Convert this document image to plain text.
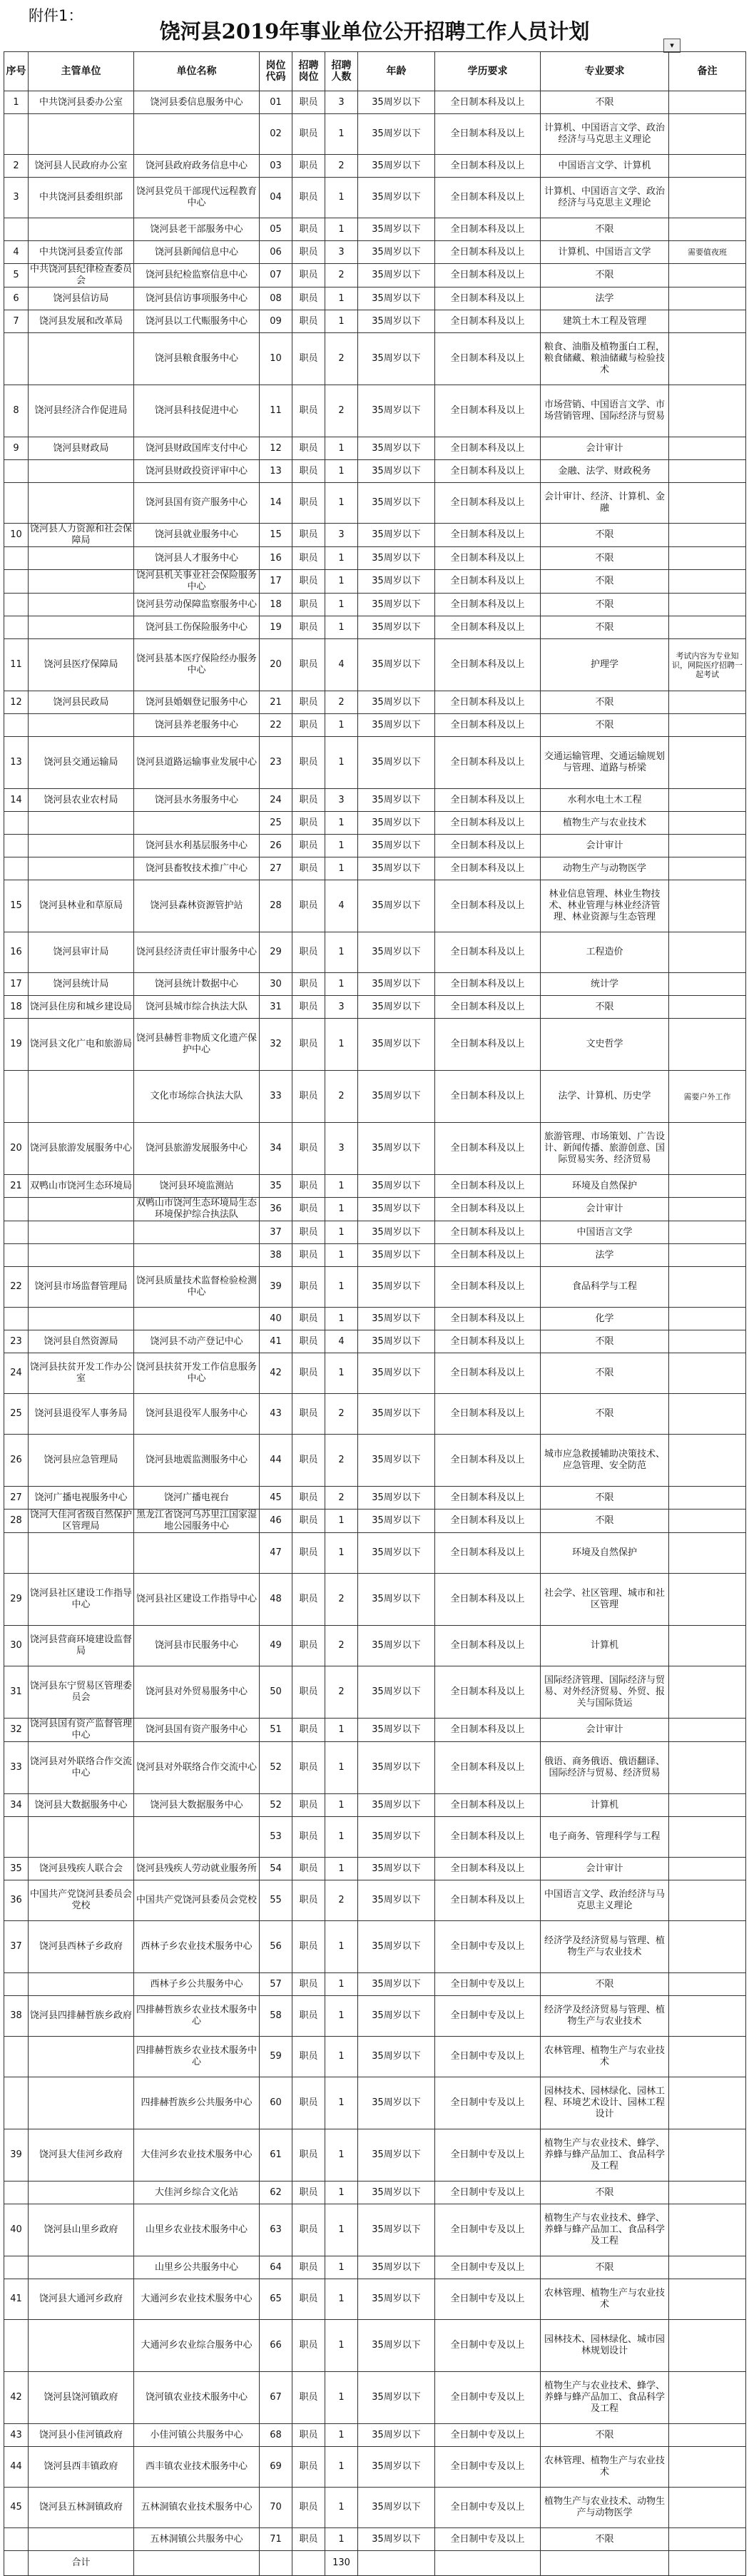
附件1：
饶河县2019年事业单位公开招聘工作人员计划
▾
序号	主管单位	单位名称	岗位代码	招聘岗位	招聘人数	年龄	学历要求	专业要求	备注
1	中共饶河县委办公室	饶河县委信息服务中心	01	职员	3	35周岁以下	全日制本科及以上	不限	
			02	职员	1	35周岁以下	全日制本科及以上	计算机、中国语言文学、政治经济与马克思主义理论	
2	饶河县人民政府办公室	饶河县政府政务信息中心	03	职员	2	35周岁以下	全日制本科及以上	中国语言文学、计算机	
3	中共饶河县委组织部	饶河县党员干部现代远程教育中心	04	职员	1	35周岁以下	全日制本科及以上	计算机、中国语言文学、政治经济与马克思主义理论	
		饶河县老干部服务中心	05	职员	1	35周岁以下	全日制本科及以上	不限	
4	中共饶河县委宣传部	饶河县新闻信息中心	06	职员	3	35周岁以下	全日制本科及以上	计算机、中国语言文学	需要值夜班
5	中共饶河县纪律检查委员会	饶河县纪检监察信息中心	07	职员	2	35周岁以下	全日制本科及以上	不限	
6	饶河县信访局	饶河县信访事项服务中心	08	职员	1	35周岁以下	全日制本科及以上	法学	
7	饶河县发展和改革局	饶河县以工代赈服务中心	09	职员	1	35周岁以下	全日制本科及以上	建筑土木工程及管理	
		饶河县粮食服务中心	10	职员	2	35周岁以下	全日制本科及以上	粮食、油脂及植物蛋白工程，粮食储藏、粮油储藏与检验技术	
8	饶河县经济合作促进局	饶河县科技促进中心	11	职员	2	35周岁以下	全日制本科及以上	市场营销、中国语言文学、市场营销管理、国际经济与贸易	
9	饶河县财政局	饶河县财政国库支付中心	12	职员	1	35周岁以下	全日制本科及以上	会计审计	
		饶河县财政投资评审中心	13	职员	1	35周岁以下	全日制本科及以上	金融、法学、财政税务	
		饶河县国有资产服务中心	14	职员	1	35周岁以下	全日制本科及以上	会计审计、经济、计算机、金融	
10	饶河县人力资源和社会保障局	饶河县就业服务中心	15	职员	3	35周岁以下	全日制本科及以上	不限	
		饶河县人才服务中心	16	职员	1	35周岁以下	全日制本科及以上	不限	
		饶河县机关事业社会保险服务中心	17	职员	1	35周岁以下	全日制本科及以上	不限	
		饶河县劳动保障监察服务中心	18	职员	1	35周岁以下	全日制本科及以上	不限	
		饶河县工伤保险服务中心	19	职员	1	35周岁以下	全日制本科及以上	不限	
11	饶河县医疗保障局	饶河县基本医疗保险经办服务中心	20	职员	4	35周岁以下	全日制本科及以上	护理学	考试内容为专业知识，网院医疗招聘一起考试
12	饶河县民政局	饶河县婚姻登记服务中心	21	职员	2	35周岁以下	全日制本科及以上	不限	
		饶河县养老服务中心	22	职员	1	35周岁以下	全日制本科及以上	不限	
13	饶河县交通运输局	饶河县道路运输事业发展中心	23	职员	1	35周岁以下	全日制本科及以上	交通运输管理、交通运输规划与管理、道路与桥梁	
14	饶河县农业农村局	饶河县水务服务中心	24	职员	3	35周岁以下	全日制本科及以上	水利水电土木工程	
			25	职员	1	35周岁以下	全日制本科及以上	植物生产与农业技术	
		饶河县水利基层服务中心	26	职员	1	35周岁以下	全日制本科及以上	会计审计	
		饶河县畜牧技术推广中心	27	职员	1	35周岁以下	全日制本科及以上	动物生产与动物医学	
15	饶河县林业和草原局	饶河县森林资源管护站	28	职员	4	35周岁以下	全日制本科及以上	林业信息管理、林业生物技术、林业管理与林业经济管理、林业资源与生态管理	
16	饶河县审计局	饶河县经济责任审计服务中心	29	职员	1	35周岁以下	全日制本科及以上	工程造价	
17	饶河县统计局	饶河县统计数据中心	30	职员	1	35周岁以下	全日制本科及以上	统计学	
18	饶河县住房和城乡建设局	饶河县城市综合执法大队	31	职员	3	35周岁以下	全日制本科及以上	不限	
19	饶河县文化广电和旅游局	饶河县赫哲非物质文化遗产保护中心	32	职员	1	35周岁以下	全日制本科及以上	文史哲学	
		文化市场综合执法大队	33	职员	2	35周岁以下	全日制本科及以上	法学、计算机、历史学	需要户外工作
20	饶河县旅游发展服务中心	饶河县旅游发展服务中心	34	职员	3	35周岁以下	全日制本科及以上	旅游管理、市场策划、广告设计、新闻传播、旅游创意、国际贸易实务、经济贸易	
21	双鸭山市饶河生态环境局	饶河县环境监测站	35	职员	1	35周岁以下	全日制本科及以上	环境及自然保护	
		双鸭山市饶河生态环境局生态环境保护综合执法队	36	职员	1	35周岁以下	全日制本科及以上	会计审计	
			37	职员	1	35周岁以下	全日制本科及以上	中国语言文学	
			38	职员	1	35周岁以下	全日制本科及以上	法学	
22	饶河县市场监督管理局	饶河县质量技术监督检验检测中心	39	职员	1	35周岁以下	全日制本科及以上	食品科学与工程	
			40	职员	1	35周岁以下	全日制本科及以上	化学	
23	饶河县自然资源局	饶河县不动产登记中心	41	职员	4	35周岁以下	全日制本科及以上	不限	
24	饶河县扶贫开发工作办公室	饶河县扶贫开发工作信息服务中心	42	职员	1	35周岁以下	全日制本科及以上	不限	
25	饶河县退役军人事务局	饶河县退役军人服务中心	43	职员	2	35周岁以下	全日制本科及以上	不限	
26	饶河县应急管理局	饶河县地震监测服务中心	44	职员	2	35周岁以下	全日制本科及以上	城市应急救援辅助决策技术、应急管理、安全防范	
27	饶河广播电视服务中心	饶河广播电视台	45	职员	2	35周岁以下	全日制本科及以上	不限	
28	饶河大佳河省级自然保护区管理局	黑龙江省饶河乌苏里江国家湿地公园服务中心	46	职员	1	35周岁以下	全日制本科及以上	不限	
			47	职员	1	35周岁以下	全日制本科及以上	环境及自然保护	
29	饶河县社区建设工作指导中心	饶河县社区建设工作指导中心	48	职员	2	35周岁以下	全日制本科及以上	社会学、社区管理、城市和社区管理	
30	饶河县营商环境建设监督局	饶河县市民服务中心	49	职员	2	35周岁以下	全日制本科及以上	计算机	
31	饶河县东宁贸易区管理委员会	饶河县对外贸易服务中心	50	职员	2	35周岁以下	全日制本科及以上	国际经济管理、国际经济与贸易、对外经济贸易、外贸、报关与国际货运	
32	饶河县国有资产监督管理中心	饶河县国有资产服务中心	51	职员	1	35周岁以下	全日制本科及以上	会计审计	
33	饶河县对外联络合作交流中心	饶河县对外联络合作交流中心	52	职员	1	35周岁以下	全日制本科及以上	俄语、商务俄语、俄语翻译、国际经济与贸易、经济贸易	
34	饶河县大数据服务中心	饶河县大数据服务中心	52	职员	1	35周岁以下	全日制本科及以上	计算机	
			53	职员	1	35周岁以下	全日制本科及以上	电子商务、管理科学与工程	
35	饶河县残疾人联合会	饶河县残疾人劳动就业服务所	54	职员	1	35周岁以下	全日制本科及以上	会计审计	
36	中国共产党饶河县委员会党校	中国共产党饶河县委员会党校	55	职员	2	35周岁以下	全日制本科及以上	中国语言文学、政治经济与马克思主义理论	
37	饶河县西林子乡政府	西林子乡农业技术服务中心	56	职员	1	35周岁以下	全日制中专及以上	经济学及经济贸易与管理、植物生产与农业技术	
		西林子乡公共服务中心	57	职员	1	35周岁以下	全日制中专及以上	不限	
38	饶河县四排赫哲族乡政府	四排赫哲族乡农业技术服务中心	58	职员	1	35周岁以下	全日制中专及以上	经济学及经济贸易与管理、植物生产与农业技术	
		四排赫哲族乡农业技术服务中心	59	职员	1	35周岁以下	全日制中专及以上	农林管理、植物生产与农业技术	
		四排赫哲族乡公共服务中心	60	职员	1	35周岁以下	全日制中专及以上	园林技术、园林绿化、园林工程、环境艺术设计、园林工程设计	
39	饶河县大佳河乡政府	大佳河乡农业技术服务中心	61	职员	1	35周岁以下	全日制中专及以上	植物生产与农业技术、蜂学、养蜂与蜂产品加工、食品科学及工程	
		大佳河乡综合文化站	62	职员	1	35周岁以下	全日制中专及以上	不限	
40	饶河县山里乡政府	山里乡农业技术服务中心	63	职员	1	35周岁以下	全日制中专及以上	植物生产与农业技术、蜂学、养蜂与蜂产品加工、食品科学及工程	
		山里乡公共服务中心	64	职员	1	35周岁以下	全日制中专及以上	不限	
41	饶河县大通河乡政府	大通河乡农业技术服务中心	65	职员	1	35周岁以下	全日制中专及以上	农林管理、植物生产与农业技术	
		大通河乡农业综合服务中心	66	职员	1	35周岁以下	全日制中专及以上	园林技术、园林绿化、城市园林规划设计	
42	饶河县饶河镇政府	饶河镇农业技术服务中心	67	职员	1	35周岁以下	全日制中专及以上	植物生产与农业技术、蜂学、养蜂与蜂产品加工、食品科学及工程	
43	饶河县小佳河镇政府	小佳河镇公共服务中心	68	职员	1	35周岁以下	全日制中专及以上	不限	
44	饶河县西丰镇政府	西丰镇农业技术服务中心	69	职员	1	35周岁以下	全日制中专及以上	农林管理、植物生产与农业技术	
45	饶河县五林洞镇政府	五林洞镇农业技术服务中心	70	职员	1	35周岁以下	全日制中专及以上	植物生产与农业技术、动物生产与动物医学	
		五林洞镇公共服务中心	71	职员	1	35周岁以下	全日制中专及以上	不限	
	合计				130				
